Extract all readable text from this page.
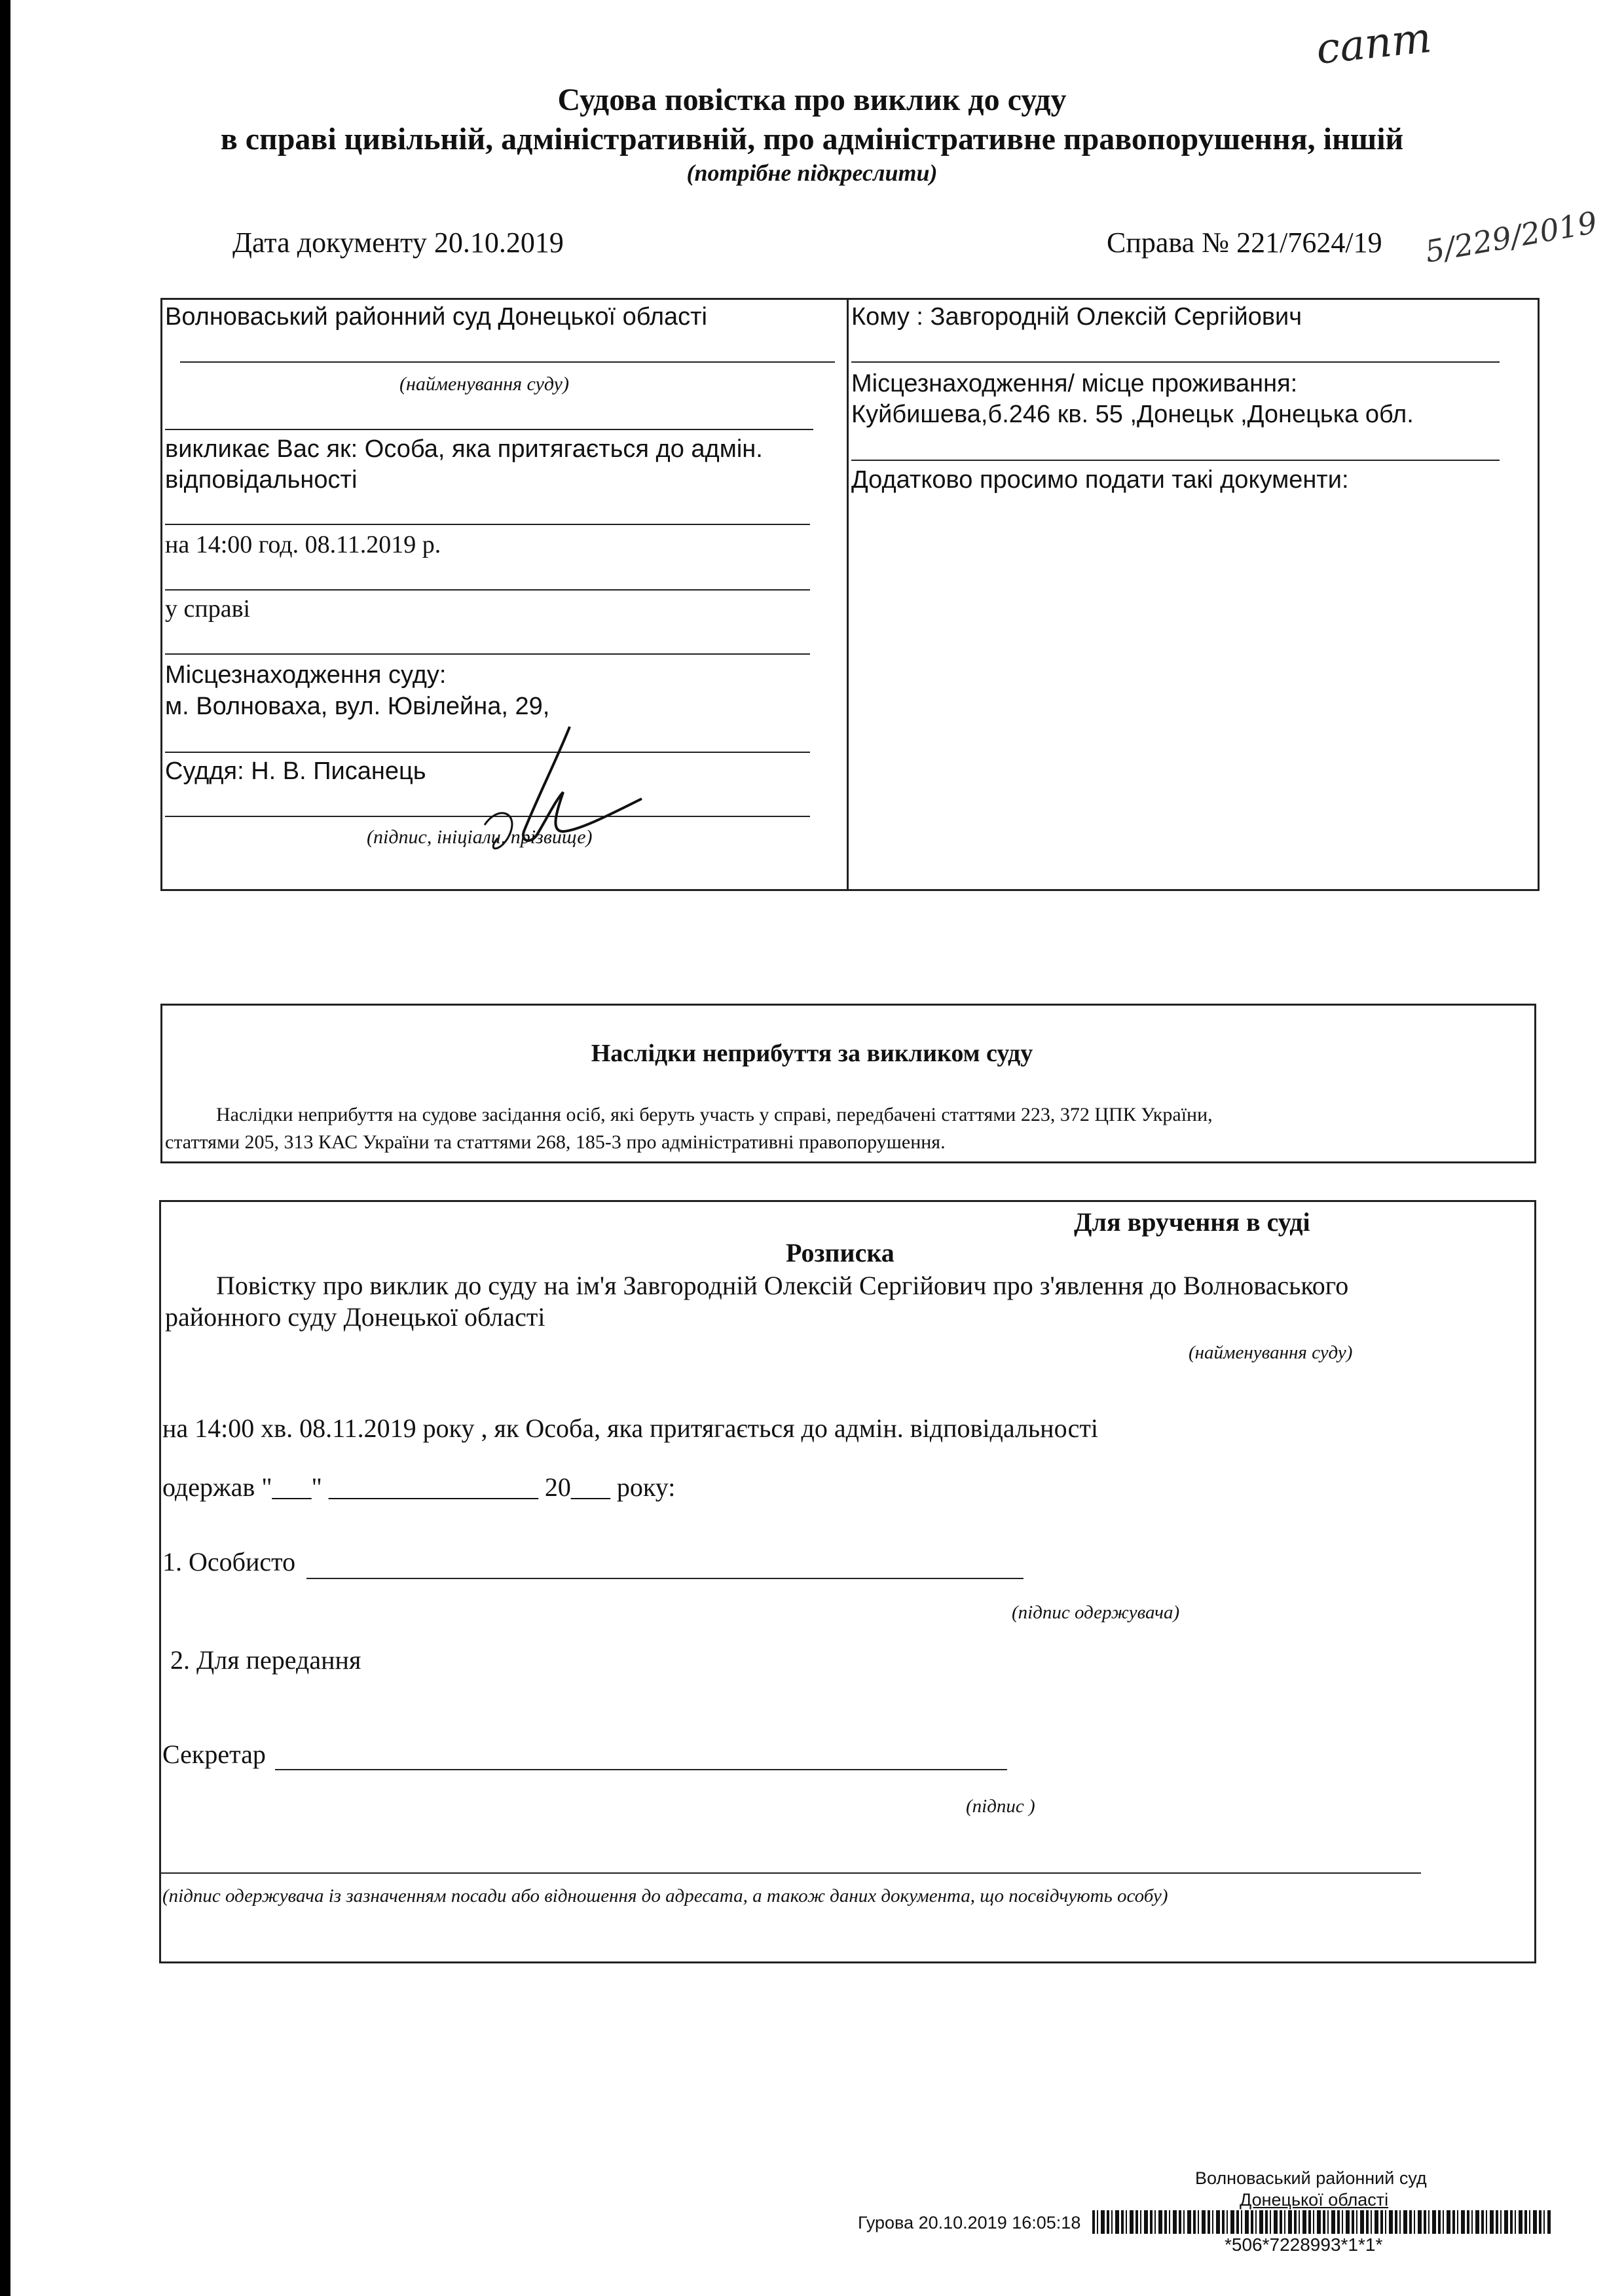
сапт
Судова повістка про виклик до суду
в справі цивільній, адміністративній, про адміністративне правопорушення, іншій
(потрібне підкреслити)
Дата документу 20.10.2019	Справа № 221/7624/19 5/229/2019
Волноваський районний суд Донецької області
(найменування суду)
викликає Вас як: Особа, яка притягається до адмін.
відповідальності
на 14:00 год. 08.11.2019 р.
у справі
Місцезнаходження суду:
м. Волноваха, вул. Ювілейна, 29,
Суддя: Н. В. Писанець
(підпис, ініціали, прізвище)
Кому : Завгородній Олексій Сергійович
Місцезнаходження/ місце проживання:
Куйбишева,б.246 кв. 55 ,Донецьк ,Донецька обл.
Додатково просимо подати такі документи:
Наслідки неприбуття за викликом суду
Наслідки неприбуття на судове засідання осіб, які беруть участь у справі, передбачені статтями 223, 372 ЦПК України,
статтями 205, 313 КАС України та статтями 268, 185-3 про адміністративні правопорушення.
Для вручення в суді
Розписка
Повістку про виклик до суду на ім'я Завгородній Олексій Сергійович про з'явлення до Волноваського
районного суду Донецької області
(найменування суду)
на 14:00 хв. 08.11.2019 року , як Особа, яка притягається до адмін. відповідальності
одержав "___" ________________ 20___ року:
1. Особисто
(підпис одержувача)
2. Для передання
Секретар
(підпис )
(підпис одержувача із зазначенням посади або відношення до адресата, а також даних документа, що посвідчують особу)
Волноваський районний суд
Донецької області
Гурова 20.10.2019 16:05:18
*506*7228993*1*1*
